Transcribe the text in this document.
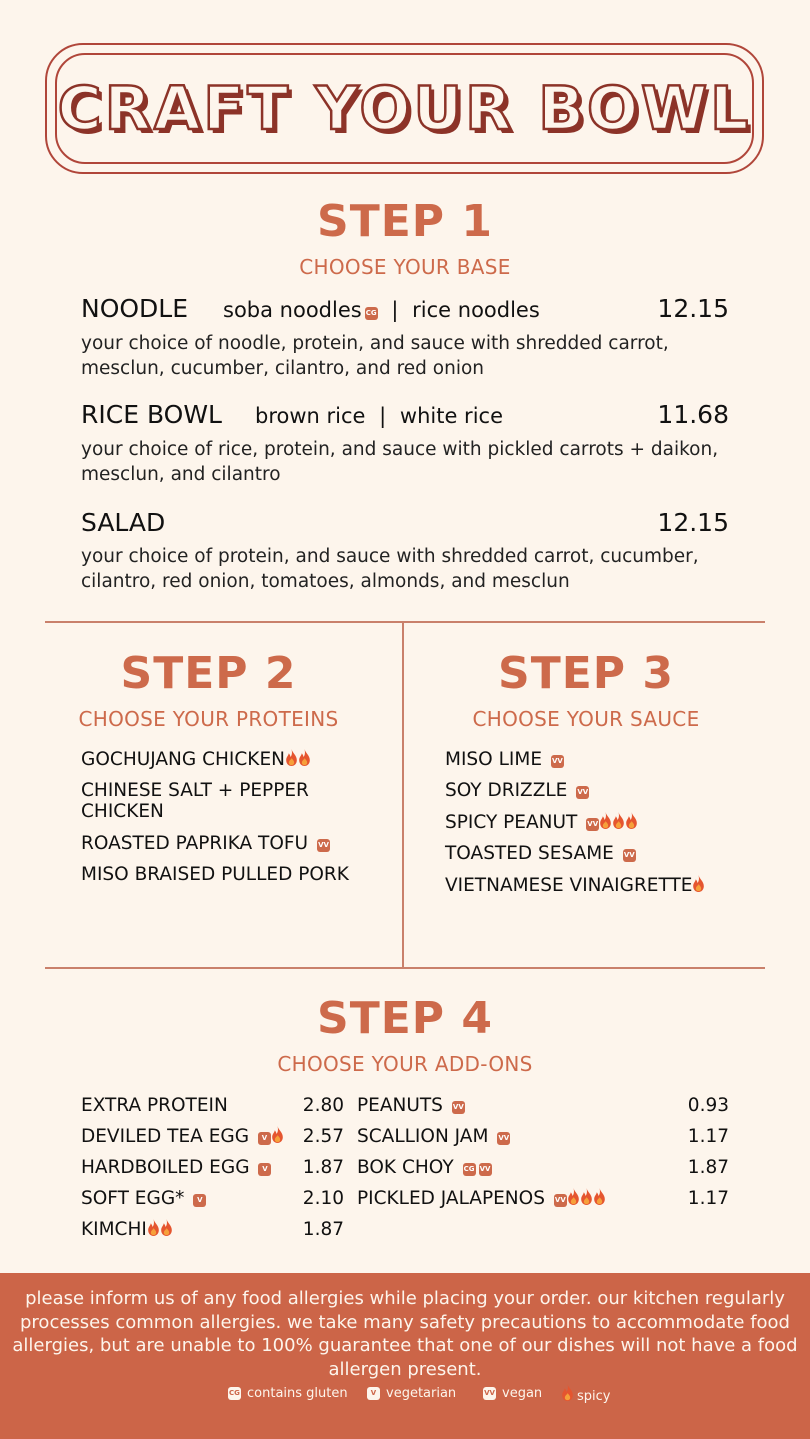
CRAFT YOUR BOWL
STEP 1
CHOOSE YOUR BASE
NOODLE soba noodles CG | rice noodles	12.15
your choice of noodle, protein, and sauce with shredded carrot, mesclun, cucumber, cilantro, and red onion
RICE BOWL brown rice | white rice	11.68
your choice of rice, protein, and sauce with pickled carrots + daikon, mesclun, and cilantro
SALAD	12.15
your choice of protein, and sauce with shredded carrot, cucumber, cilantro, red onion, tomatoes, almonds, and mesclun
STEP 2
CHOOSE YOUR PROTEINS
GOCHUJANG CHICKEN
CHINESE SALT + PEPPER CHICKEN
ROASTED PAPRIKA TOFU VV
MISO BRAISED PULLED PORK
STEP 3
CHOOSE YOUR SAUCE
MISO LIME VV
SOY DRIZZLE VV
SPICY PEANUT VV
TOASTED SESAME VV
VIETNAMESE VINAIGRETTE
STEP 4
CHOOSE YOUR ADD-ONS
EXTRA PROTEIN	2.80
DEVILED TEA EGG V	2.57
HARDBOILED EGG V	1.87
SOFT EGG* V	2.10
KIMCHI	1.87
PEANUTS VV	0.93
SCALLION JAM VV	1.17
BOK CHOY CG VV	1.87
PICKLED JALAPENOS VV	1.17
please inform us of any food allergies while placing your order. our kitchen regularly processes common allergies. we take many safety precautions to accommodate food allergies, but are unable to 100% guarantee that one of our dishes will not have a food allergen present.
CG contains gluten	V vegetarian	VV vegan	spicy
